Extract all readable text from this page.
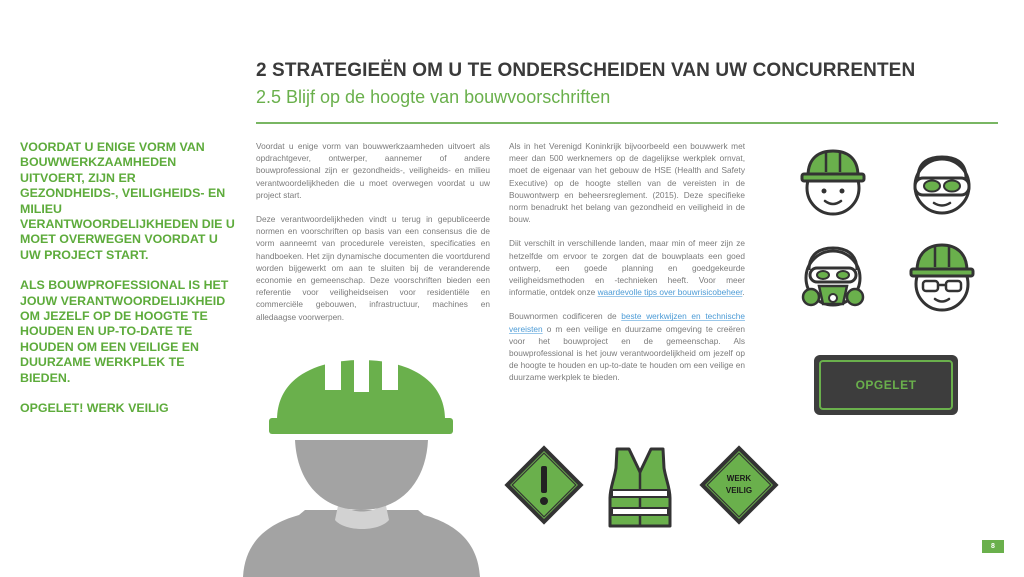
2 STRATEGIEËN OM U TE ONDERSCHEIDEN VAN UW CONCURRENTEN
2.5 Blijf op de hoogte van bouwvoorschriften

VOORDAT U ENIGE VORM VAN BOUWWERKZAAMHEDEN UITVOERT, ZIJN ER GEZONDHEIDS-, VEILIGHEIDS- EN MILIEU VERANTWOORDELIJKHEDEN DIE U MOET OVERWEGEN VOORDAT U UW PROJECT START.

ALS BOUWPROFESSIONAL IS HET JOUW VERANTWOORDELIJKHEID OM JEZELF OP DE HOOGTE TE HOUDEN EN UP-TO-DATE TE HOUDEN OM EEN VEILIGE EN DUURZAME WERKPLEK TE BIEDEN.

OPGELET! WERK VEILIG

Voordat u enige vorm van bouwwerkzaamheden uitvoert als opdrachtgever, ontwerper, aannemer of andere bouwprofessional zijn er gezondheids-, veiligheids- en milieu verantwoordelijkheden die u moet overwegen voordat u uw project start.

Deze verantwoordelijkheden vindt u terug in gepubliceerde normen en voorschriften op basis van een consensus die de vorm aanneemt van procedurele vereisten, specificaties en handboeken. Het zijn dynamische documenten die voortdurend worden bijgewerkt om aan te sluiten bij de veranderende economie en gemeenschap. Deze voorschriften bieden een referentie voor veiligheidseisen voor residentiële en commerciële gebouwen, infrastructuur, machines en alledaagse voorwerpen.

Als in het Verenigd Koninkrijk bijvoorbeeld een bouwwerk met meer dan 500 werknemers op de dagelijkse werkplek ornvat, moet de eigenaar van het gebouw de HSE (Health and Safety Executive) op de hoogte stellen van de vereisten in de Bouwontwerp en beheersreglement. (2015). Deze specifieke norm benadrukt het belang van gezondheid en veiligheid in de bouw.

Diit verschilt in verschillende landen, maar min of meer zijn ze hetzelfde om ervoor te zorgen dat de bouwplaats een goed ontwerp, een goede planning en goedgekeurde veiligheidsmethoden en -technieken heeft. Voor meer informatie, ontdek onze waardevolle tips over bouwrisicobeheer.

Bouwnormen codificeren de beste werkwijzen en technische vereisten o m een veilige en duurzame omgeving te creëren voor het bouwproject en de gemeenschap. Als bouwprofessional is het jouw verantwoordelijkheid om jezelf op de hoogte te houden en up-to-date te houden om een veilige en duurzame werkplek te bieden.

OPGELET
WERK
VEILIG
8
